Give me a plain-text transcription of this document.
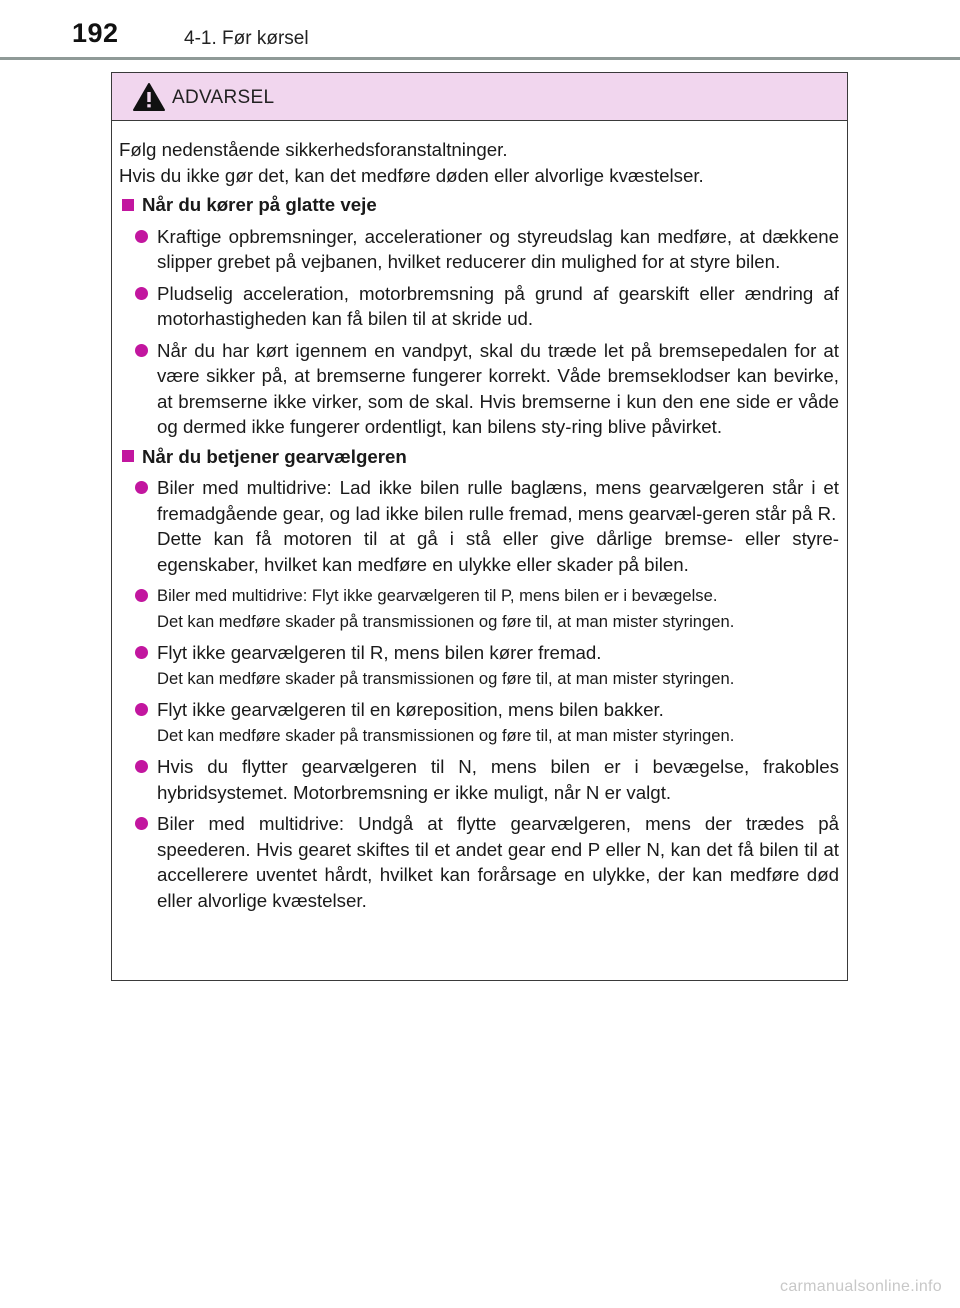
192	4-1. Før kørsel
ADVARSEL

Følg nedenstående sikkerhedsforanstaltninger.

Hvis du ikke gør det, kan det medføre døden eller alvorlige kvæstelser.

Når du kører på glatte veje
Kraftige opbremsninger, accelerationer og styreudslag kan medføre, at dækkene slipper grebet på vejbanen, hvilket reducerer din mulighed for at styre bilen.
Pludselig acceleration, motorbremsning på grund af gearskift eller ændring af motorhastigheden kan få bilen til at skride ud.
Når du har kørt igennem en vandpyt, skal du træde let på bremsepedalen for at være sikker på, at bremserne fungerer korrekt. Våde bremseklodser kan bevirke, at bremserne ikke virker, som de skal. Hvis bremserne i kun den ene side er våde og dermed ikke fungerer ordentligt, kan bilens sty-ring blive påvirket.
Når du betjener gearvælgeren
Biler med multidrive: Lad ikke bilen rulle baglæns, mens gearvælgeren står i et fremadgående gear, og lad ikke bilen rulle fremad, mens gearvæl-geren står på R.
Dette kan få motoren til at gå i stå eller give dårlige bremse- eller styre-egenskaber, hvilket kan medføre en ulykke eller skader på bilen.
Biler med multidrive: Flyt ikke gearvælgeren til P, mens bilen er i bevægelse.
Det kan medføre skader på transmissionen og føre til, at man mister styringen.
Flyt ikke gearvælgeren til R, mens bilen kører fremad.
Det kan medføre skader på transmissionen og føre til, at man mister styringen.
Flyt ikke gearvælgeren til en køreposition, mens bilen bakker.
Det kan medføre skader på transmissionen og føre til, at man mister styringen.
Hvis du flytter gearvælgeren til N, mens bilen er i bevægelse, frakobles hybridsystemet. Motorbremsning er ikke muligt, når N er valgt.
Biler med multidrive: Undgå at flytte gearvælgeren, mens der trædes på speederen. Hvis gearet skiftes til et andet gear end P eller N, kan det få bilen til at accellerere uventet hårdt, hvilket kan forårsage en ulykke, der kan medføre død eller alvorlige kvæstelser.
carmanualsonline.info
